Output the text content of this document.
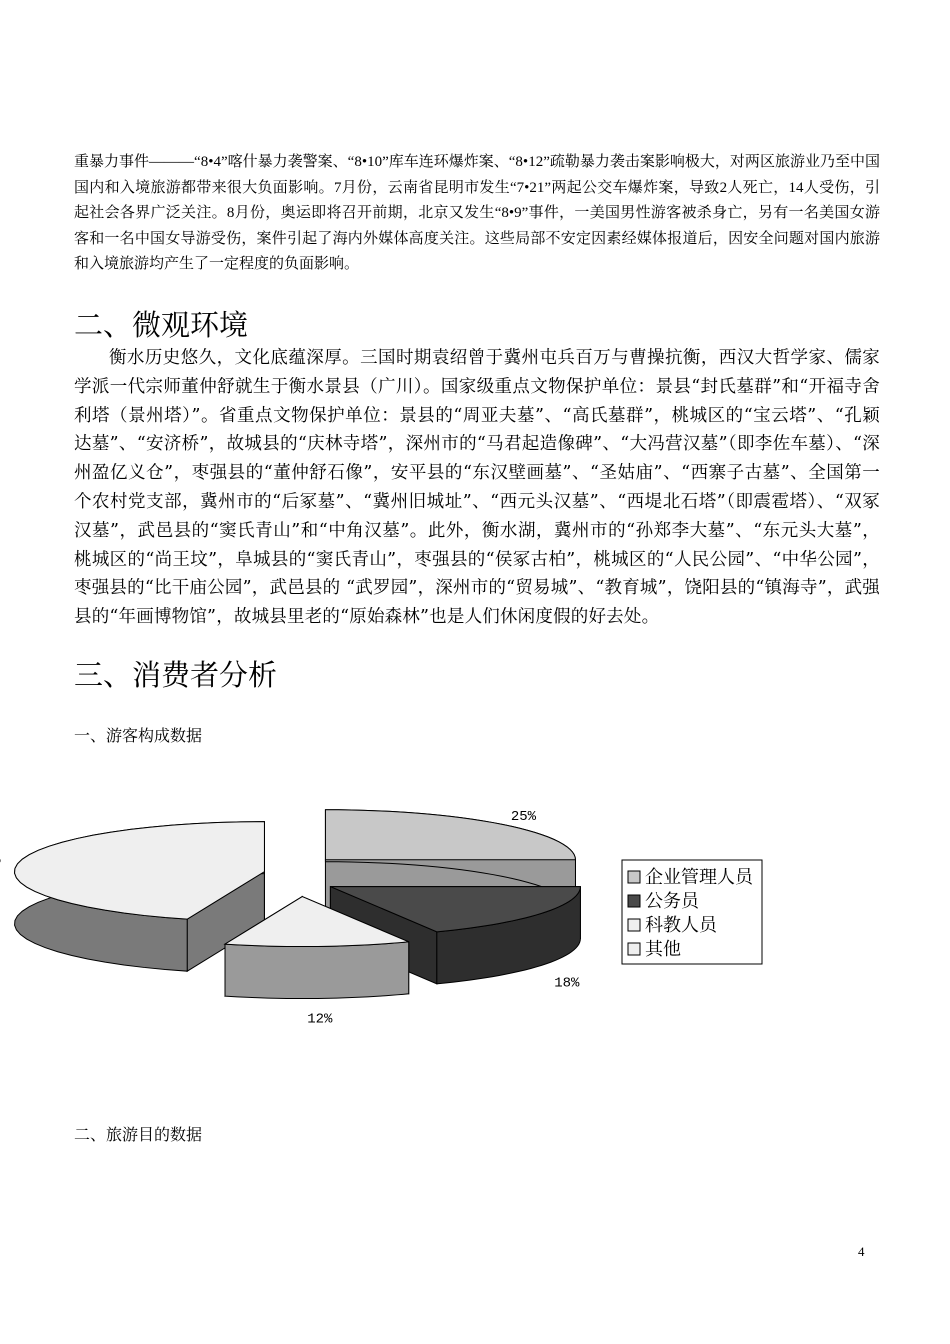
重暴力事件———“8•4”喀什暴力袭警案、“8•10”库车连环爆炸案、“8•12”疏勒暴力袭击案影响极大，对两区旅游业乃至中国国内和入境旅游都带来很大负面影响。7月份，云南省昆明市发生“7•21”两起公交车爆炸案，导致2人死亡，14人受伤，引起社会各界广泛关注。8月份，奥运即将召开前期，北京又发生“8•9”事件，一美国男性游客被杀身亡，另有一名美国女游客和一名中国女导游受伤，案件引起了海内外媒体高度关注。这些局部不安定因素经媒体报道后，因安全问题对国内旅游和入境旅游均产生了一定程度的负面影响。

二、微观环境

衡水历史悠久，文化底蕴深厚。三国时期袁绍曾于冀州屯兵百万与曹操抗衡，西汉大哲学家、儒家学派一代宗师董仲舒就生于衡水景县（广川）。国家级重点文物保护单位：景县“封氏墓群”和“开福寺舍利塔（景州塔）”。省重点文物保护单位：景县的“周亚夫墓”、“高氏墓群”，桃城区的“宝云塔”、“孔颖达墓”、“安济桥”，故城县的“庆林寺塔”，深州市的“马君起造像碑”、“大冯营汉墓”（即李佐车墓）、“深州盈亿义仓”，枣强县的“董仲舒石像”，安平县的“东汉壁画墓”、“圣姑庙”、“西寨子古墓”、全国第一个农村党支部，冀州市的“后冢墓”、“冀州旧城址”、“西元头汉墓”、“西堤北石塔”（即震雹塔）、“双冢汉墓”，武邑县的“窦氏青山”和“中角汉墓”。此外，衡水湖，冀州市的“孙郑李大墓”、“东元头大墓”，桃城区的“尚王坟”，阜城县的“窦氏青山”，枣强县的“侯冢古柏”，桃城区的“人民公园”、“中华公园”，枣强县的“比干庙公园”，武邑县的 “武罗园”，深州市的“贸易城”、“教育城”，饶阳县的“镇海寺”，武强县的“年画博物馆”，故城县里老的“原始森林”也是人们休闲度假的好去处。

三、消费者分析
一、游客构成数据
25%
18%
12%
企业管理人员
公务员
科教人员
其他
二、旅游目的数据
4
